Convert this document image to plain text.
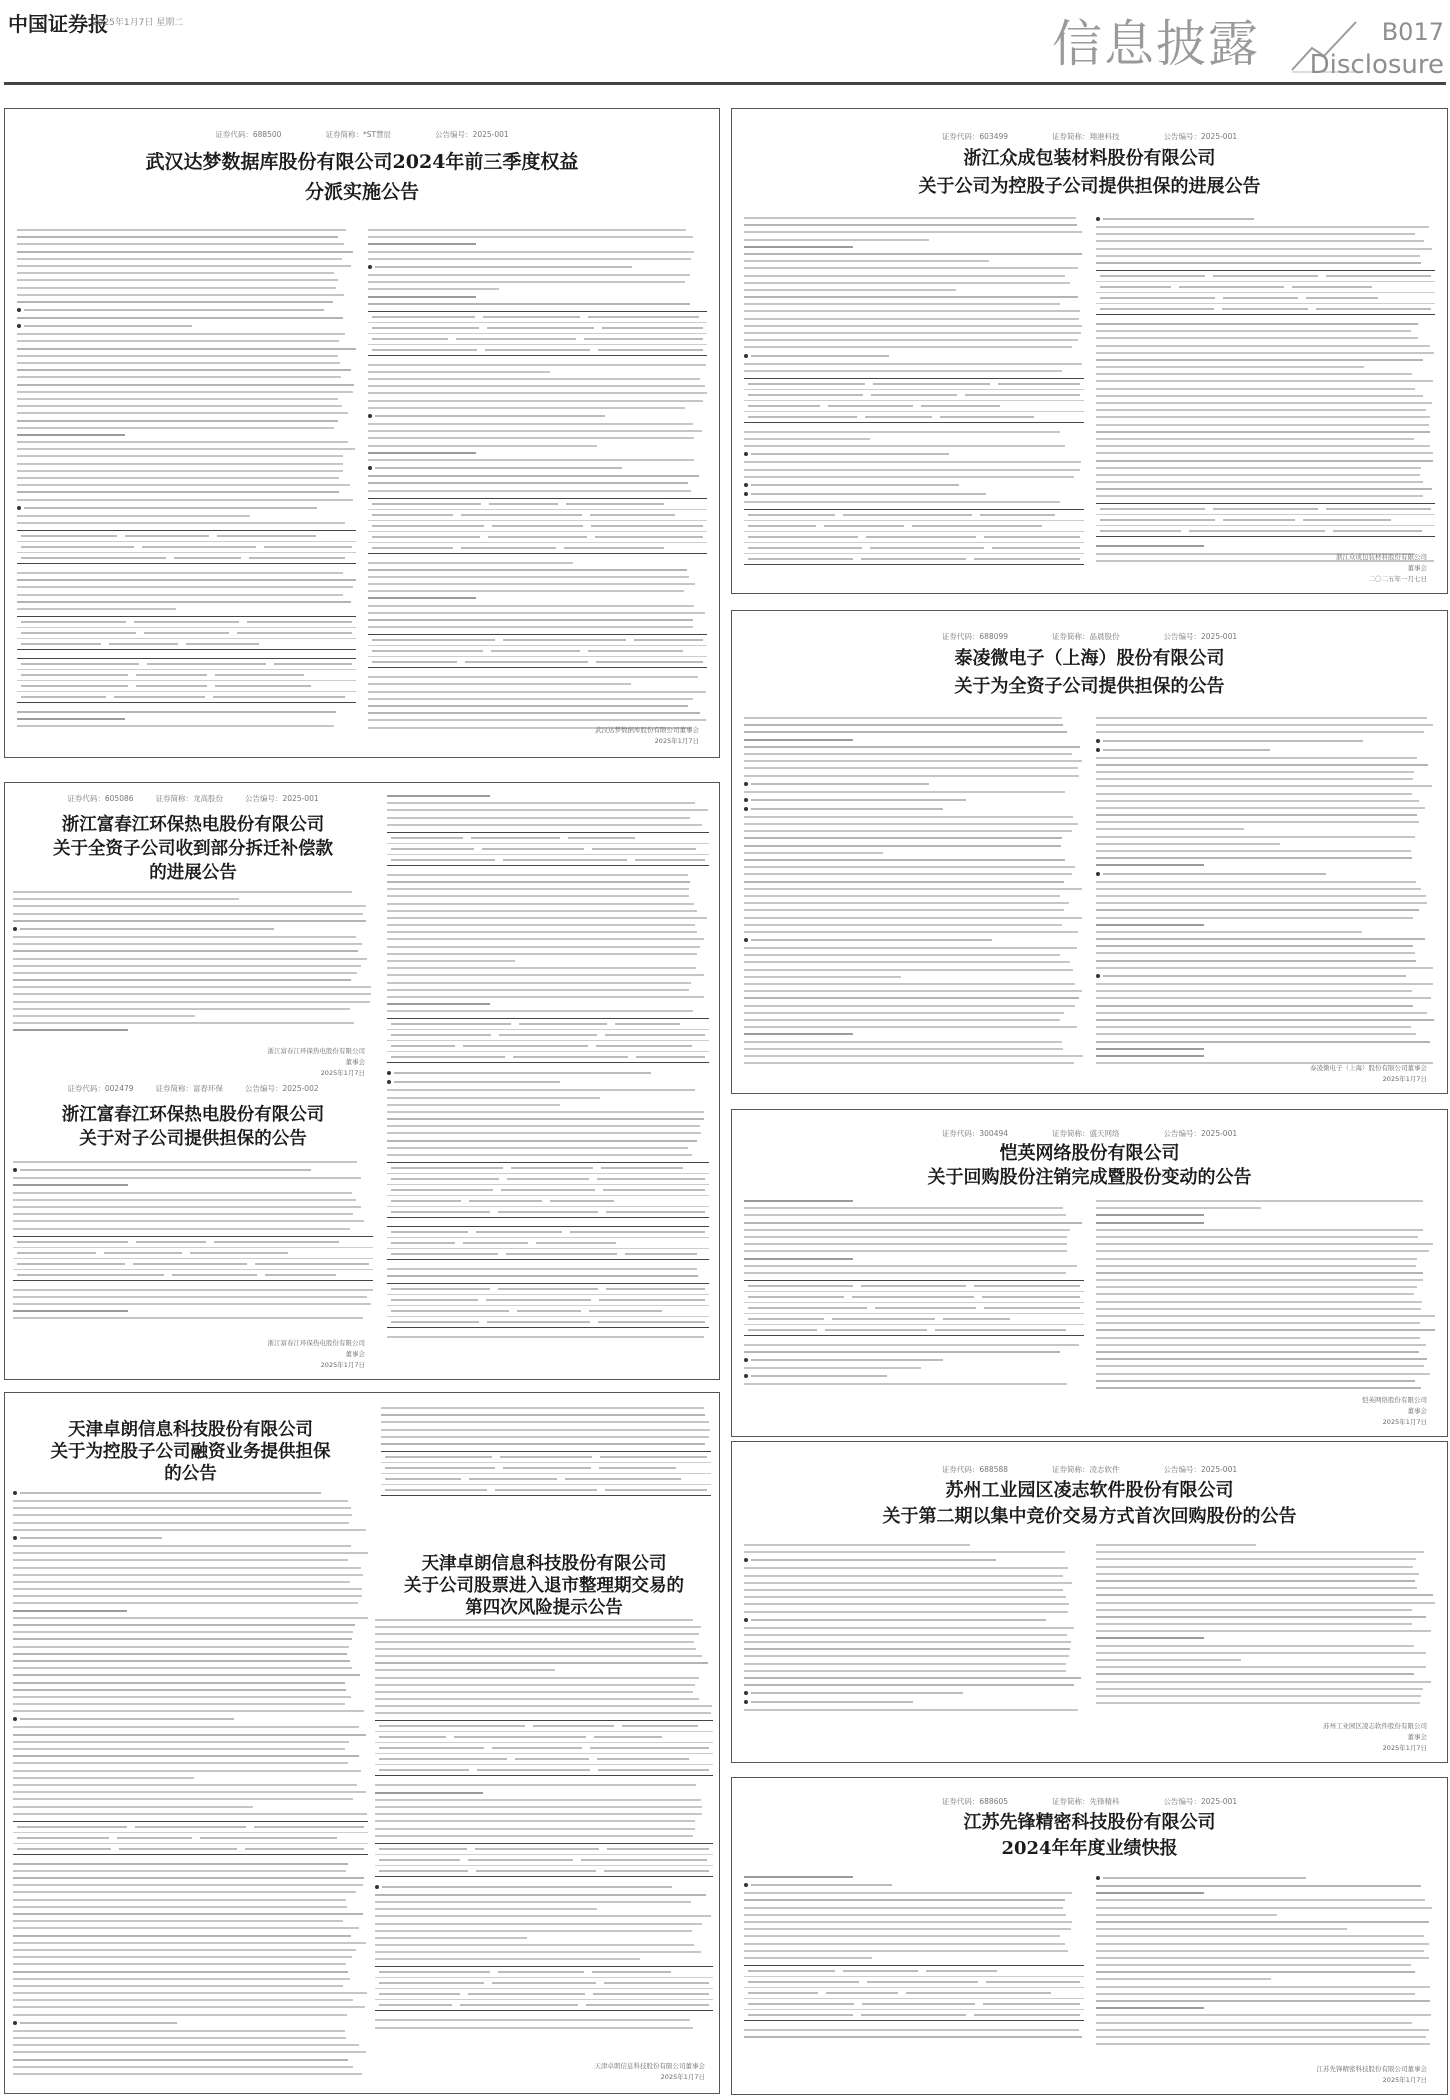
中国证券报
2025年1月7日 星期二	信息披露	B017
Disclosure
证券代码：688500	证券简称：*ST慧辰	公告编号：2025-001
武汉达梦数据库股份有限公司2024年前三季度权益
分派实施公告
武汉达梦数据库股份有限公司董事会
2025年1月7日
证券代码：605086	证券简称：龙高股份	公告编号：2025-001
浙江富春江环保热电股份有限公司
关于全资子公司收到部分拆迁补偿款
的进展公告
浙江富春江环保热电股份有限公司
董事会
2025年1月7日
证券代码：002479	证券简称：富春环保	公告编号：2025-002
浙江富春江环保热电股份有限公司
关于对子公司提供担保的公告
浙江富春江环保热电股份有限公司
董事会
2025年1月7日
天津卓朗信息科技股份有限公司
关于为控股子公司融资业务提供担保
的公告
天津卓朗信息科技股份有限公司
关于公司股票进入退市整理期交易的
第四次风险提示公告
天津卓朗信息科技股份有限公司董事会
2025年1月7日
证券代码：603499	证券简称：翔港科技	公告编号：2025-001
浙江众成包装材料股份有限公司
关于公司为控股子公司提供担保的进展公告
浙江众成包装材料股份有限公司
董事会
二〇二五年一月七日
证券代码：688099	证券简称：晶晨股份	公告编号：2025-001
泰凌微电子（上海）股份有限公司
关于为全资子公司提供担保的公告
泰凌微电子（上海）股份有限公司董事会
2025年1月7日
证券代码：300494	证券简称：盛天网络	公告编号：2025-001
恺英网络股份有限公司
关于回购股份注销完成暨股份变动的公告
恺英网络股份有限公司
董事会
2025年1月7日
证券代码：688588	证券简称：凌志软件	公告编号：2025-001
苏州工业园区凌志软件股份有限公司
关于第二期以集中竞价交易方式首次回购股份的公告
苏州工业园区凌志软件股份有限公司
董事会
2025年1月7日
证券代码：688605	证券简称：先锋精科	公告编号：2025-001
江苏先锋精密科技股份有限公司
2024年年度业绩快报
江苏先锋精密科技股份有限公司董事会
2025年1月7日
